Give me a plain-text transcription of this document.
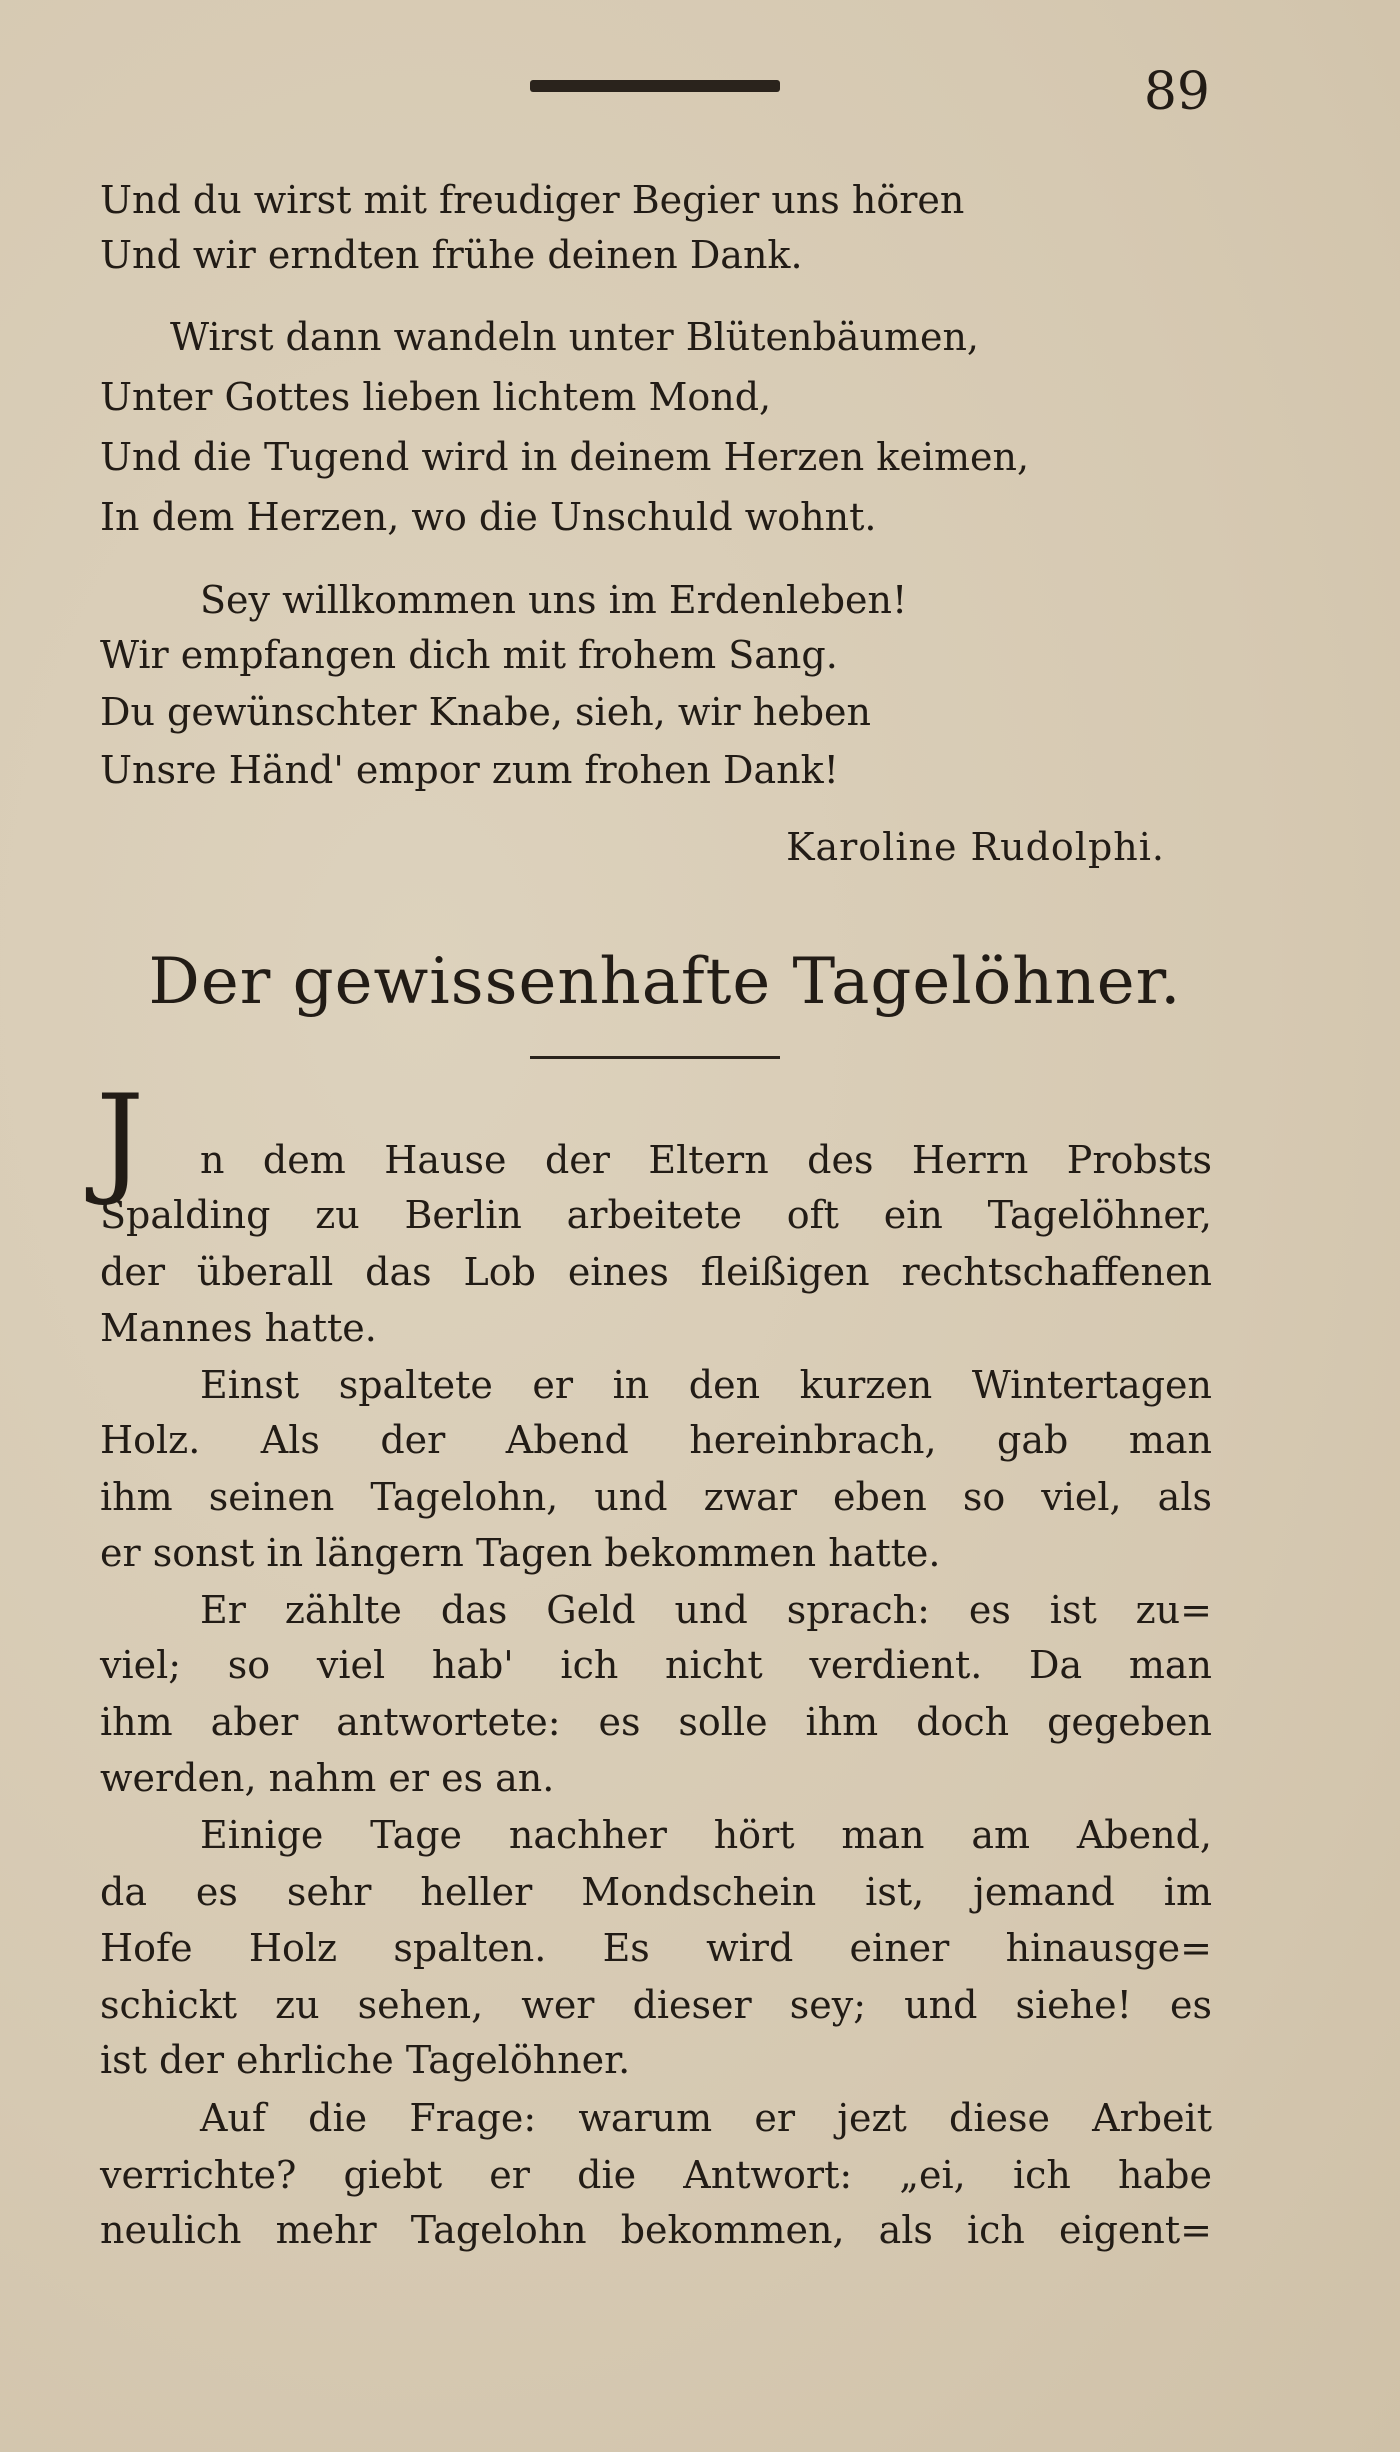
89
Und du wirst mit freudiger Begier uns hören
Und wir erndten frühe deinen Dank.
Wirst dann wandeln unter Blütenbäumen,
Unter Gottes lieben lichtem Mond,
Und die Tugend wird in deinem Herzen keimen,
In dem Herzen, wo die Unschuld wohnt.
Sey willkommen uns im Erdenleben!
Wir empfangen dich mit frohem Sang.
Du gewünschter Knabe, sieh, wir heben
Unsre Händ' empor zum frohen Dank!
Karoline Rudolphi.
Der gewissenhafte Tagelöhner.
J n dem Hause der Eltern des Herrn Probsts
Spalding zu Berlin arbeitete oft ein Tagelöhner,
der überall das Lob eines fleißigen rechtschaffenen
Mannes hatte.
Einst spaltete er in den kurzen Wintertagen
Holz. Als der Abend hereinbrach, gab man
ihm seinen Tagelohn, und zwar eben so viel, als
er sonst in längern Tagen bekommen hatte.
Er zählte das Geld und sprach: es ist zu=
viel; so viel hab' ich nicht verdient. Da man
ihm aber antwortete: es solle ihm doch gegeben
werden, nahm er es an.
Einige Tage nachher hört man am Abend,
da es sehr heller Mondschein ist, jemand im
Hofe Holz spalten. Es wird einer hinausge=
schickt zu sehen, wer dieser sey; und siehe! es
ist der ehrliche Tagelöhner.
Auf die Frage: warum er jezt diese Arbeit
verrichte? giebt er die Antwort: „ei, ich habe
neulich mehr Tagelohn bekommen, als ich eigent=
